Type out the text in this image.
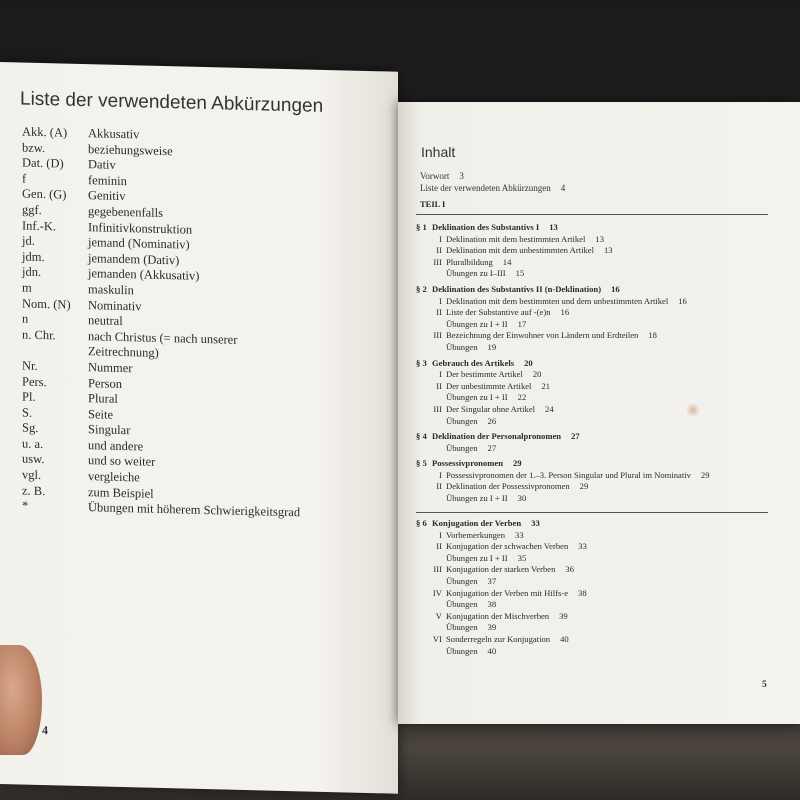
Liste der verwendeten Abkürzungen
Akk. (A)	Akkusativ
bzw.	beziehungsweise
Dat. (D)	Dativ
f	feminin
Gen. (G)	Genitiv
ggf.	gegebenenfalls
Inf.-K.	Infinitivkonstruktion
jd.	jemand (Nominativ)
jdm.	jemandem (Dativ)
jdn.	jemanden (Akkusativ)
m	maskulin
Nom. (N)	Nominativ
n	neutral
n. Chr.	nach Christus (= nach unserer
Zeitrechnung)
Nr.	Nummer
Pers.	Person
Pl.	Plural
S.	Seite
Sg.	Singular
u. a.	und andere
usw.	und so weiter
vgl.	vergleiche
z. B.	zum Beispiel
*	Übungen mit höherem Schwierigkeitsgrad
4
Inhalt
Vorwort 3
Liste der verwendeten Abkürzungen 4
TEIL I
§ 1 Deklination des Substantivs I 13
I Deklination mit dem bestimmten Artikel 13
II Deklination mit dem unbestimmten Artikel 13
III Pluralbildung 14
Übungen zu I–III 15
§ 2 Deklination des Substantivs II (n-Deklination) 16
I Deklination mit dem bestimmten und dem unbestimmten Artikel 16
II Liste der Substantive auf -(e)n 16
Übungen zu I + II 17
III Bezeichnung der Einwohner von Ländern und Erdteilen 18
Übungen 19
§ 3 Gebrauch des Artikels 20
I Der bestimmte Artikel 20
II Der unbestimmte Artikel 21
Übungen zu I + II 22
III Der Singular ohne Artikel 24
Übungen 26
§ 4 Deklination der Personalpronomen 27
Übungen 27
§ 5 Possessivpronomen 29
I Possessivpronomen der 1.–3. Person Singular und Plural im Nominativ 29
II Deklination der Possessivpronomen 29
Übungen zu I + II 30
§ 6 Konjugation der Verben 33
I Vorbemerkungen 33
II Konjugation der schwachen Verben 33
Übungen zu I + II 35
III Konjugation der starken Verben 36
Übungen 37
IV Konjugation der Verben mit Hilfs-e 38
Übungen 38
V Konjugation der Mischverben 39
Übungen 39
VI Sonderregeln zur Konjugation 40
Übungen 40
5
